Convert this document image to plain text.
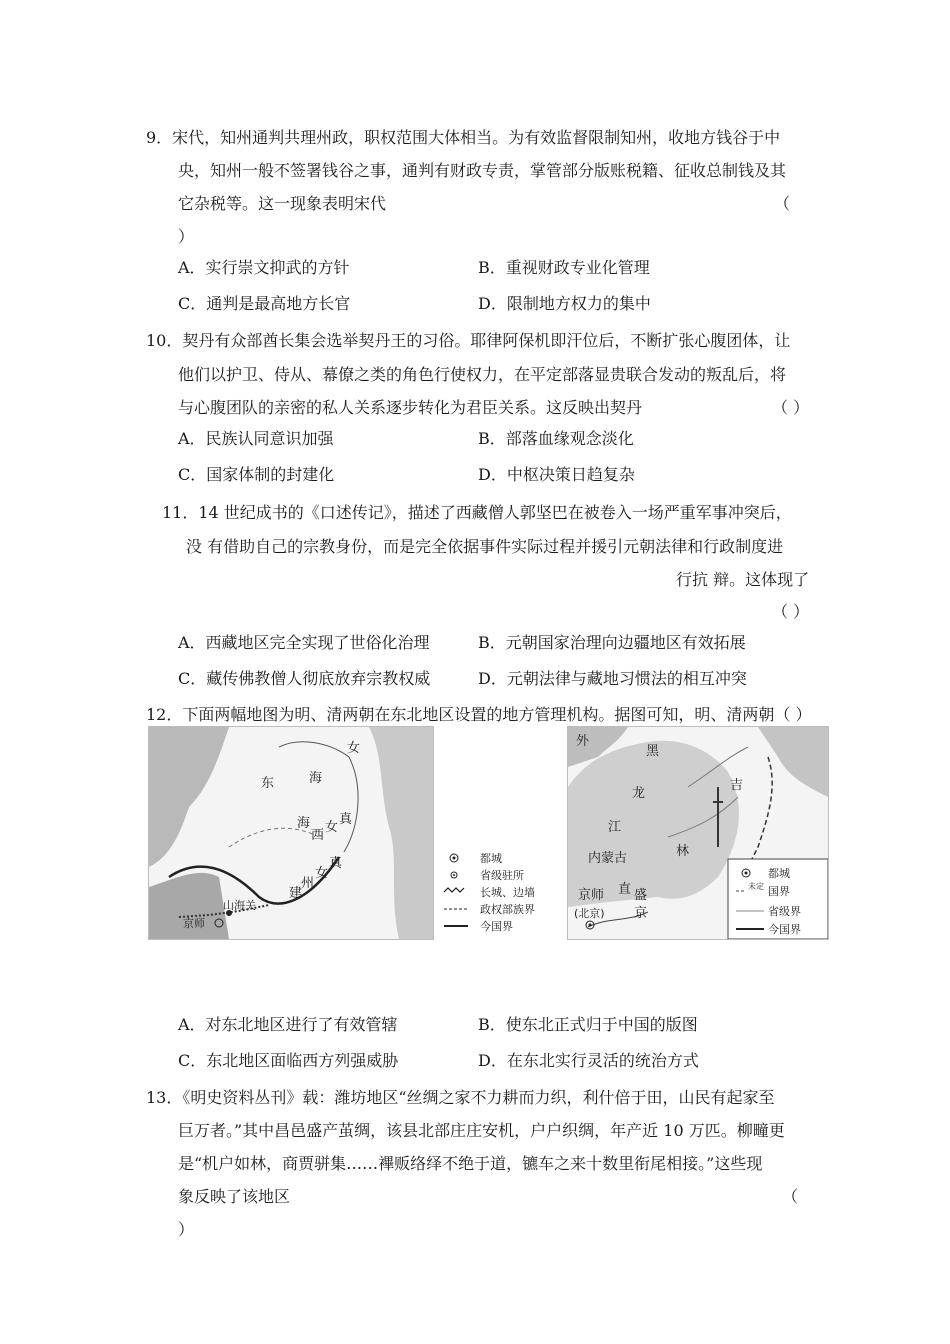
9．宋代，知州通判共理州政，职权范围大体相当。为有效监督限制知州，收地方钱谷于中
央，知州一般不签署钱谷之事，通判有财政专责，掌管部分版账税籍、征收总制钱及其
它杂税等。这一现象表明宋代	（
）
A．实行崇文抑武的方针	B．重视财政专业化管理
C．通判是最高地方长官	D．限制地方权力的集中
10．契丹有众部酋长集会选举契丹王的习俗。耶律阿保机即汗位后，不断扩张心腹团体，让
他们以护卫、侍从、幕僚之类的角色行使权力，在平定部落显贵联合发动的叛乱后，将
与心腹团队的亲密的私人关系逐步转化为君臣关系。这反映出契丹	（ ）
A．民族认同意识加强	B．部落血缘观念淡化
C．国家体制的封建化	D．中枢决策日趋复杂
11．14 世纪成书的《口述传记》，描述了西藏僧人郭坚巴在被卷入一场严重军事冲突后，
没 有借助自己的宗教身份，而是完全依据事件实际过程并援引元朝法律和行政制度进
行抗 辩。这体现了
（ ）
A．西藏地区完全实现了世俗化治理	B．元朝国家治理向边疆地区有效拓展
C．藏传佛教僧人彻底放弃宗教权威	D．元朝法律与藏地习惯法的相互冲突
12．下面两幅地图为明、清两朝在东北地区设置的地方管理机构。据图可知，明、清两朝（ ）
东	海
女
海
西
女
真
建
州
女
真
山海关
京师
都城
省级驻所
长城、边墙
政权部族界
今国界
外
黑
龙
江
吉
林
内蒙古
京师
(北京)
直 盛
京
都城
未定 国界
省级界
今国界
A．对东北地区进行了有效管辖	B．使东北正式归于中国的版图
C．东北地区面临西方列强威胁	D．在东北实行灵活的统治方式
13．《明史资料丛刊》载：潍坊地区“丝绸之家不力耕而力织，利什倍于田，山民有起家至
巨万者。”其中昌邑盛产茧绸，该县北部庄庄安机，户户织绸，年产近 10 万匹。柳疃更
是“机户如林，商贾骈集……襅贩络绎不绝于道，镳车之来十数里衔尾相接。”这些现
象反映了该地区	（
）
